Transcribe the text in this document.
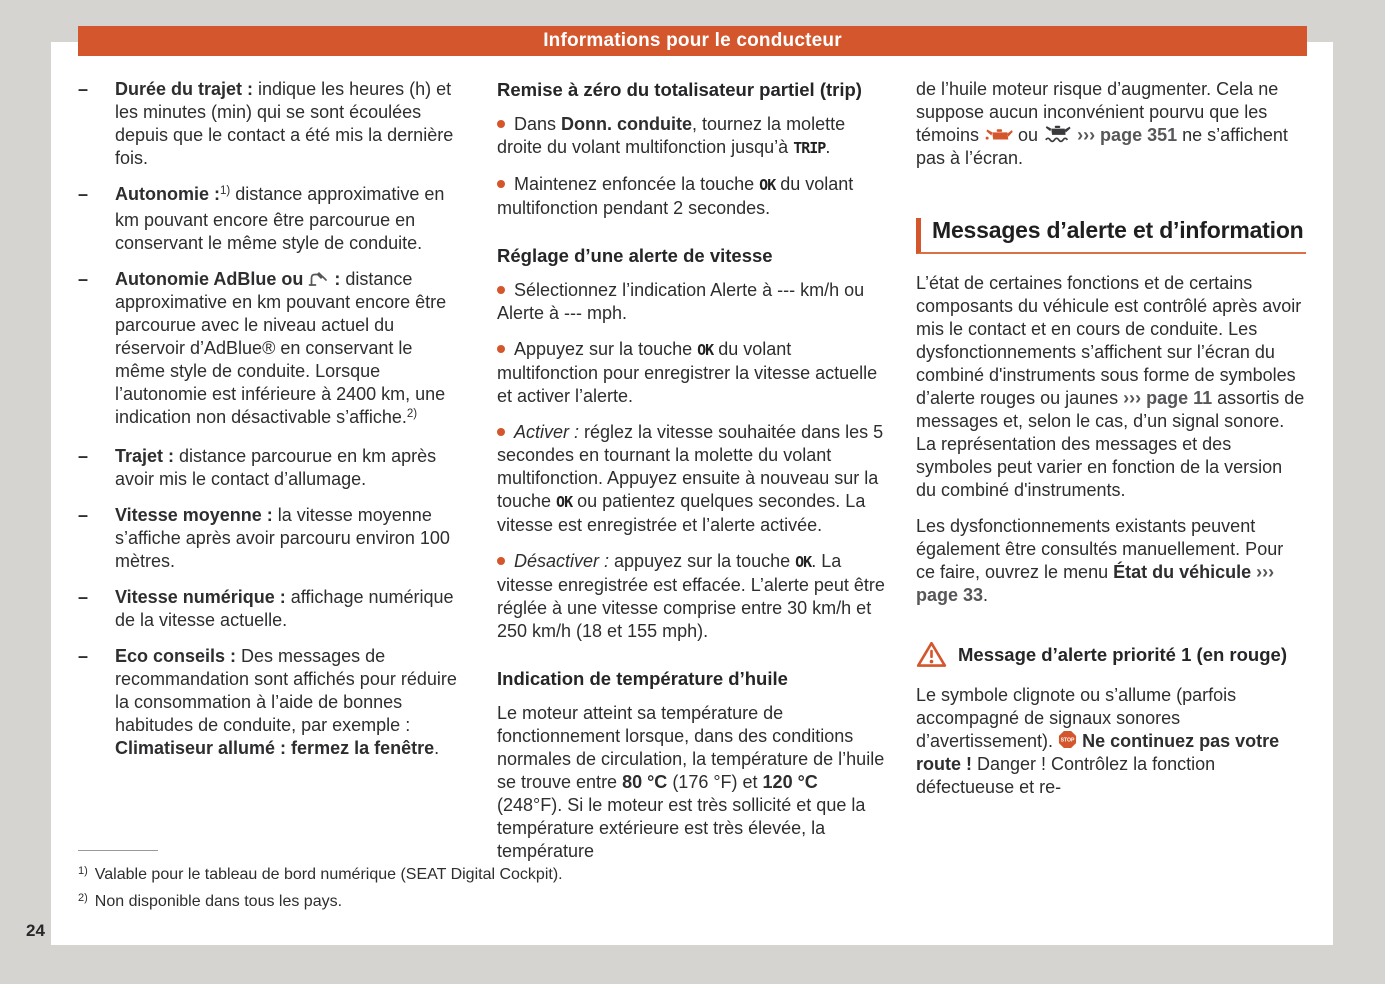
Informations pour le conducteur
–	Durée du trajet : indique les heures (h) et les minutes (min) qui se sont écoulées depuis que le contact a été mis la dernière fois.
–	Autonomie :$^{1)}$ distance approximative en km pouvant encore être parcourue en conservant le même style de conduite.
–	Autonomie AdBlue ou  : distance approximative en km pouvant encore être parcourue avec le niveau actuel du réservoir d’AdBlue® en conservant le même style de conduite. Lorsque l’autonomie est inférieure à 2400 km, une indication non désactivable s’affiche.$^{2)}$
–	Trajet : distance parcourue en km après avoir mis le contact d’allumage.
–	Vitesse moyenne : la vitesse moyenne s’affiche après avoir parcouru environ 100 mètres.
–	Vitesse numérique : affichage numérique de la vitesse actuelle.
–	Eco conseils : Des messages de recommandation sont affichés pour réduire la consommation à l’aide de bonnes habitudes de conduite, par exemple : Climatiseur allumé : fermez la fenêtre.
Remise à zéro du totalisateur partiel (trip)

Dans Donn. conduite, tournez la molette droite du volant multifonction jusqu’à TRIP.

Maintenez enfoncée la touche OK du volant multifonction pendant 2 secondes.

Réglage d’une alerte de vitesse

Sélectionnez l’indication Alerte à --- km/h ou Alerte à --- mph.

Appuyez sur la touche OK du volant multifonction pour enregistrer la vitesse actuelle et activer l’alerte.

Activer : réglez la vitesse souhaitée dans les 5 secondes en tournant la molette du volant multifonction. Appuyez ensuite à nouveau sur la touche OK ou patientez quelques secondes. La vitesse est enregistrée et l’alerte activée.

Désactiver : appuyez sur la touche OK. La vitesse enregistrée est effacée. L’alerte peut être réglée à une vitesse comprise entre 30 km/h et 250 km/h (18 et 155 mph).

Indication de température d’huile

Le moteur atteint sa température de fonctionnement lorsque, dans des conditions normales de circulation, la température de l’huile se trouve entre 80 °C (176 °F) et 120 °C (248°F). Si le moteur est très sollicité et que la température extérieure est très élevée, la température

de l’huile moteur risque d’augmenter. Cela ne suppose aucun inconvénient pourvu que les témoins  ou  ››› page 351 ne s’affichent pas à l’écran.

Messages d’alerte et d’information

L’état de certaines fonctions et de certains composants du véhicule est contrôlé après avoir mis le contact et en cours de conduite. Les dysfonctionnements s’affichent sur l’écran du combiné d'instruments sous forme de symboles d’alerte rouges ou jaunes ››› page 11 assortis de messages et, selon le cas, d’un signal sonore. La représentation des messages et des symboles peut varier en fonction de la version du combiné d'instruments.

Les dysfonctionnements existants peuvent également être consultés manuellement. Pour ce faire, ouvrez le menu État du véhicule ››› page 33.

Message d’alerte priorité 1 (en rouge)

Le symbole clignote ou s’allume (parfois accompagné de signaux sonores d’avertissement). STOP Ne continuez pas votre route ! Danger ! Contrôlez la fonction défectueuse et re-

$^{1)}$ Valable pour le tableau de bord numérique (SEAT Digital Cockpit).
$^{2)}$ Non disponible dans tous les pays.
24
